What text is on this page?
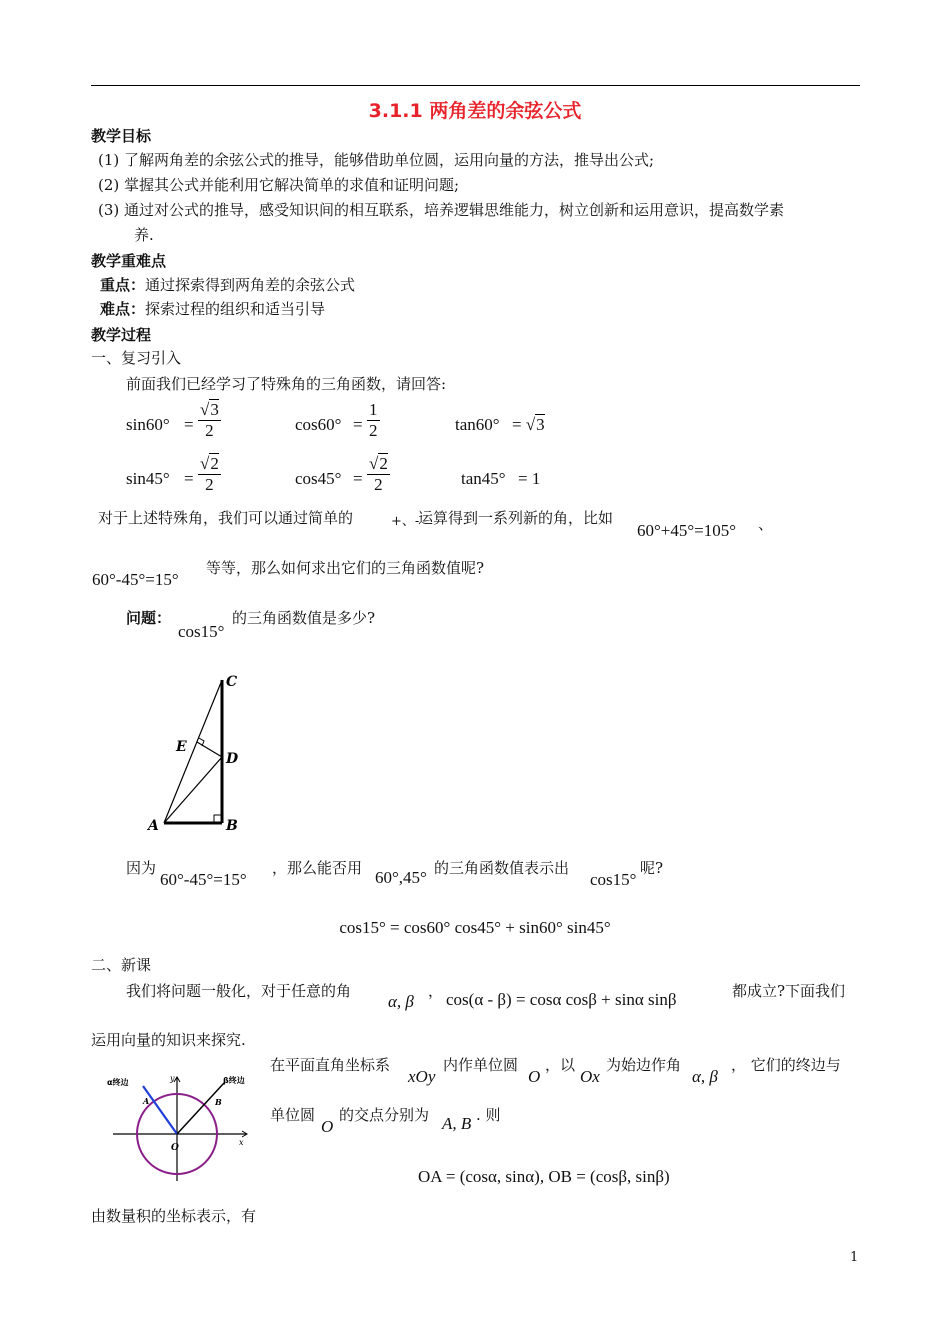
3.1.1 两角差的余弦公式
教学目标
(1) 了解两角差的余弦公式的推导，能够借助单位圆，运用向量的方法，推导出公式;
(2) 掌握其公式并能利用它解决简单的求值和证明问题;
(3) 通过对公式的推导，感受知识间的相互联系，培养逻辑思维能力，树立创新和运用意识，提高数学素
养.
教学重难点
重点：通过探索得到两角差的余弦公式
难点：探索过程的组织和适当引导
教学过程
一、复习引入
前面我们已经学习了特殊角的三角函数，请回答:
$\sin 60^\circ = \frac{√3}{2}$	$\cos 60^\circ = \frac{1}{2}$	tan60° = √3
$\sin 45^\circ = \frac{√2}{2}$	$\cos 45^\circ = \frac{√2}{2}$	tan45° = 1
对于上述特殊角，我们可以通过简单的	+、-
运算得到一系列新的角，比如
60°+45°=105° 、
60°-45°=15°
等等，那么如何求出它们的三角函数值呢?
问题：
cos15°
的三角函数值是多少?
C
E
D
A	B
因为
60°-45°=15°
，那么能否用 60°,45° 的三角函数值表示出
cos15°
呢?
cos15° = cos60° cos45° + sin60° sin45°
二、新课
我们将问题一般化，对于任意的角
α, β
， cos(α - β) = cosα cosβ + sinα sinβ	都成立?下面我们
运用向量的知识来探究.
α终边	β终边
A	B
O
x
y
在平面直角坐标系
xOy
内作单位圆
O
，以
Ox
为始边作角
α, β
， 它们的终边与
单位圆
O
的交点分别为 A, B . 则
OA = (cosα, sinα), OB = (cosβ, sinβ)
由数量积的坐标表示，有
1
